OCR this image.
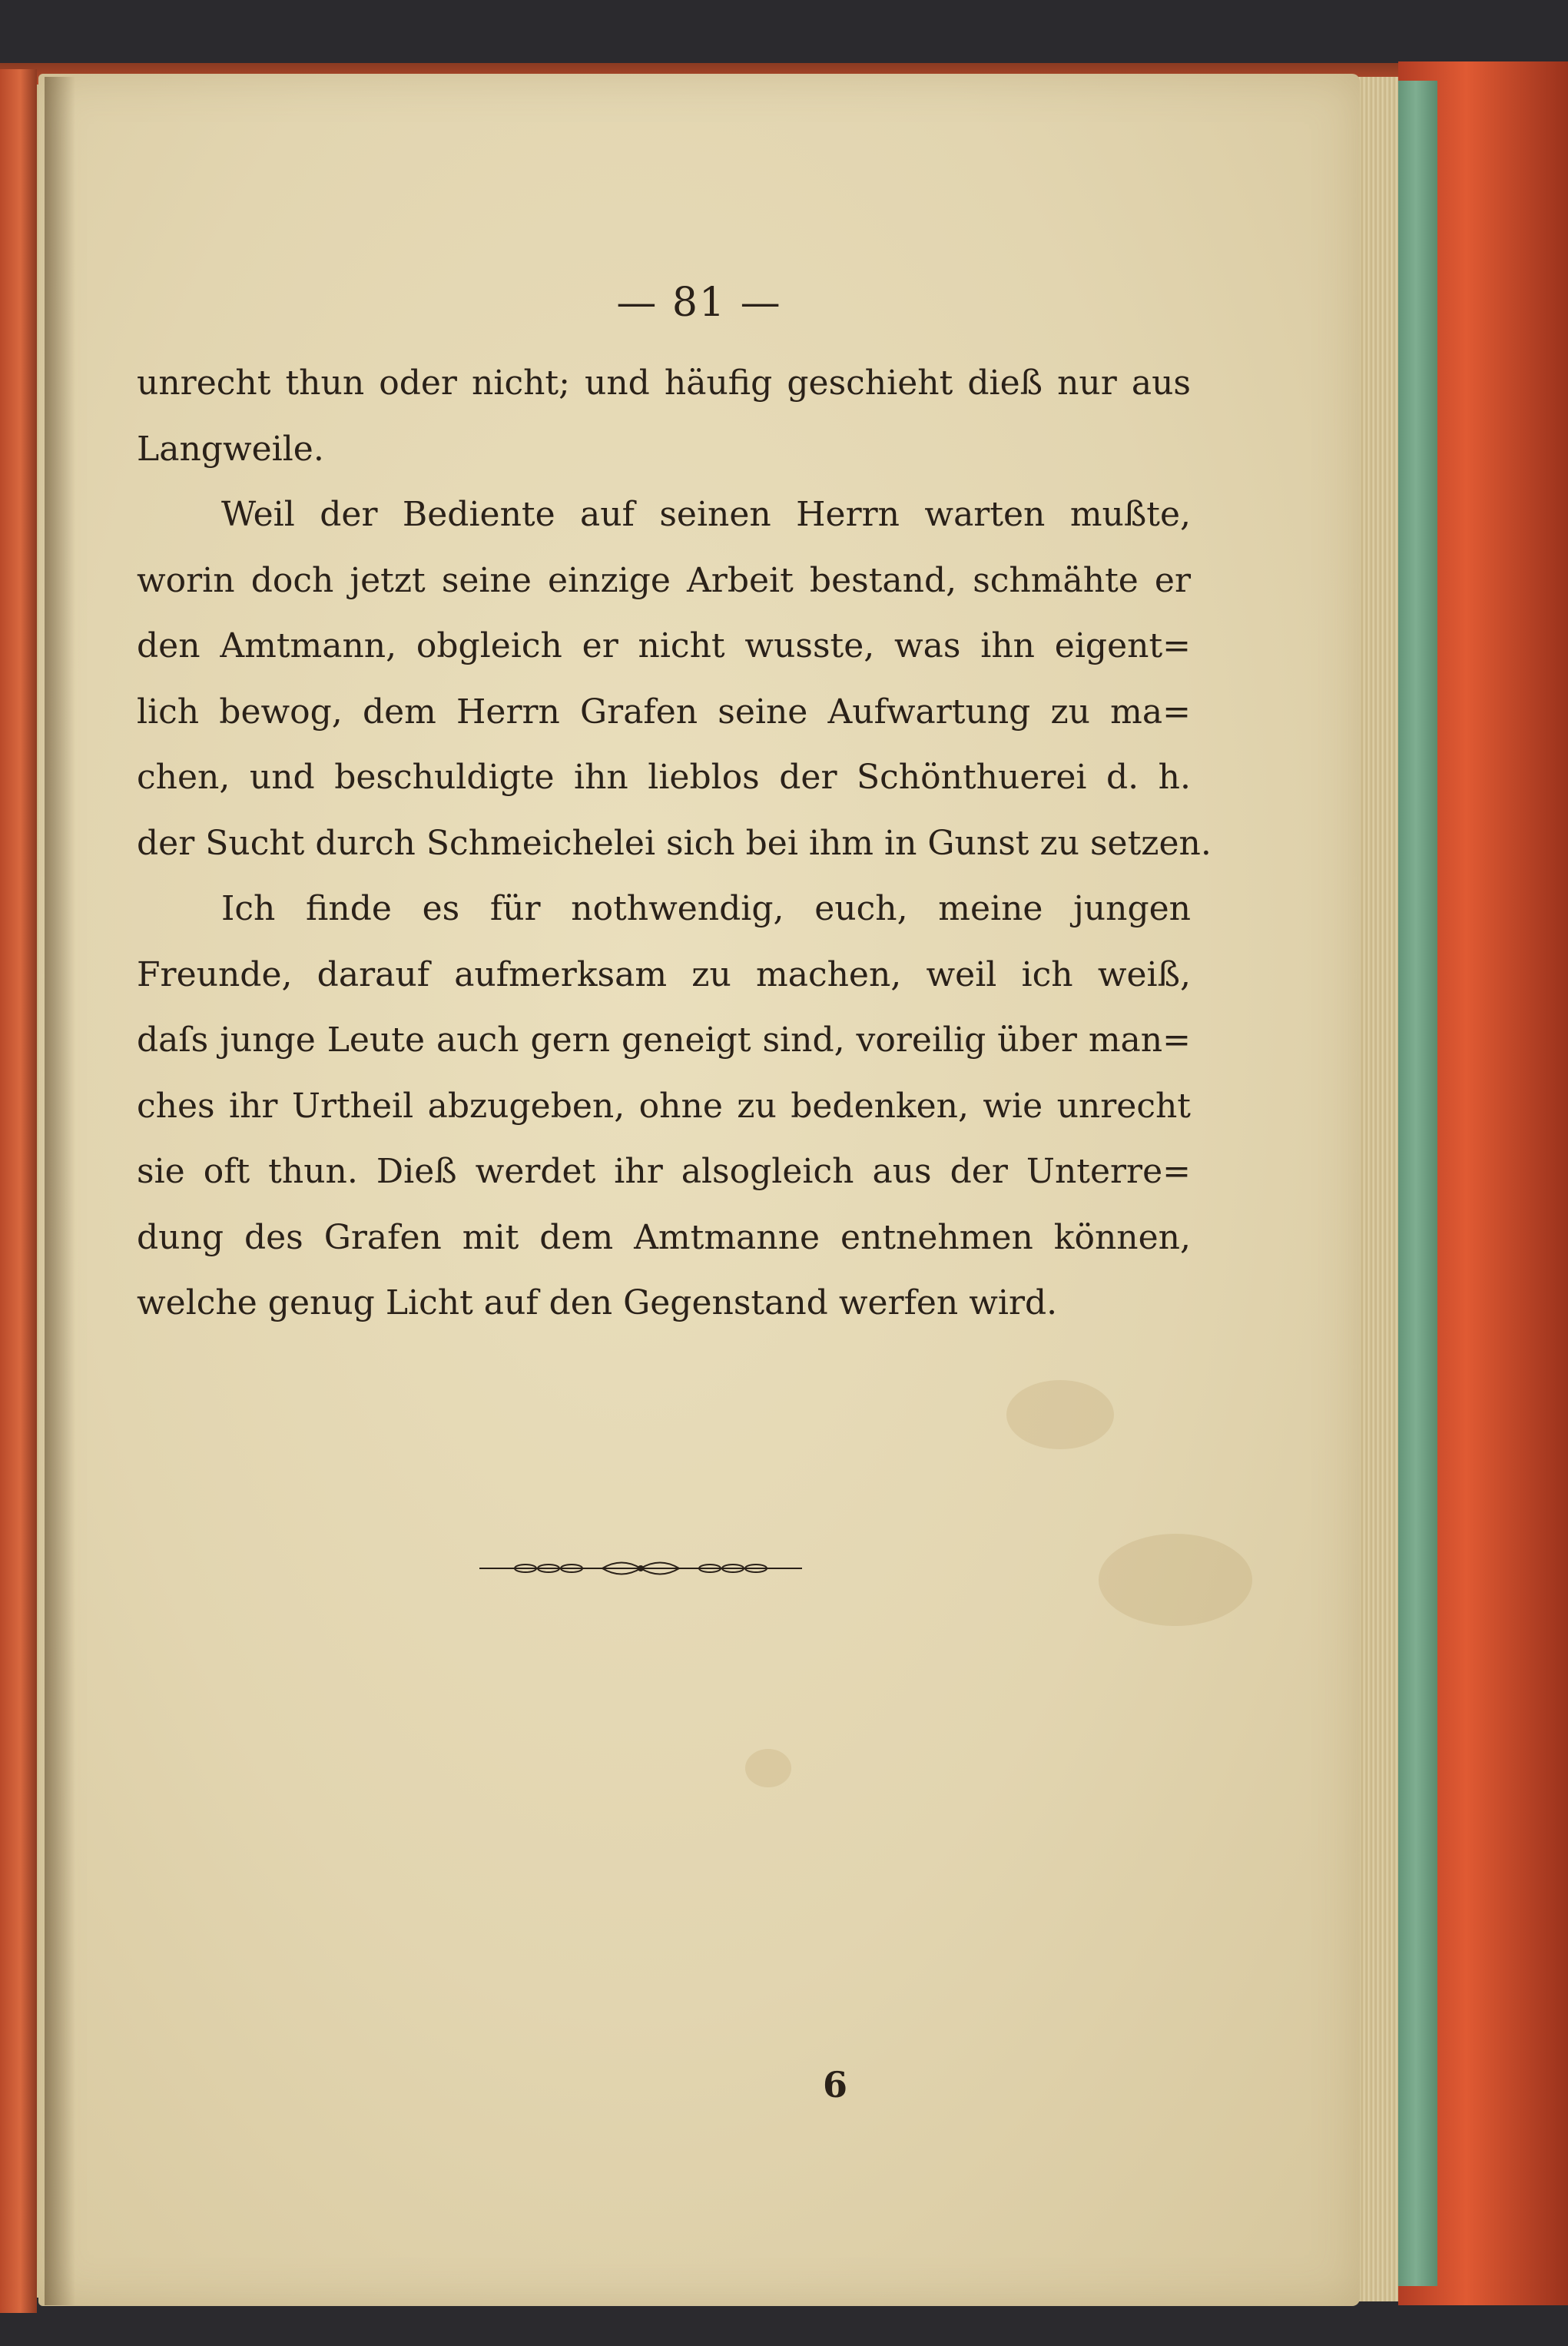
— 81 —
unrecht thun oder nicht; und häufig geschieht dieß nur aus
Langweile.
Weil der Bediente auf seinen Herrn warten mußte,
worin doch jetzt seine einzige Arbeit bestand, schmähte er
den Amtmann, obgleich er nicht wusste, was ihn eigent=
lich bewog, dem Herrn Grafen seine Aufwartung zu ma=
chen, und beschuldigte ihn lieblos der Schönthuerei d. h.
der Sucht durch Schmeichelei sich bei ihm in Gunst zu setzen.
Ich finde es für nothwendig, euch, meine jungen
Freunde, darauf aufmerksam zu machen, weil ich weiß,
daſs junge Leute auch gern geneigt sind, voreilig über man=
ches ihr Urtheil abzugeben, ohne zu bedenken, wie unrecht
sie oft thun. Dieß werdet ihr alsogleich aus der Unterre=
dung des Grafen mit dem Amtmanne entnehmen können,
welche genug Licht auf den Gegenstand werfen wird.
6
